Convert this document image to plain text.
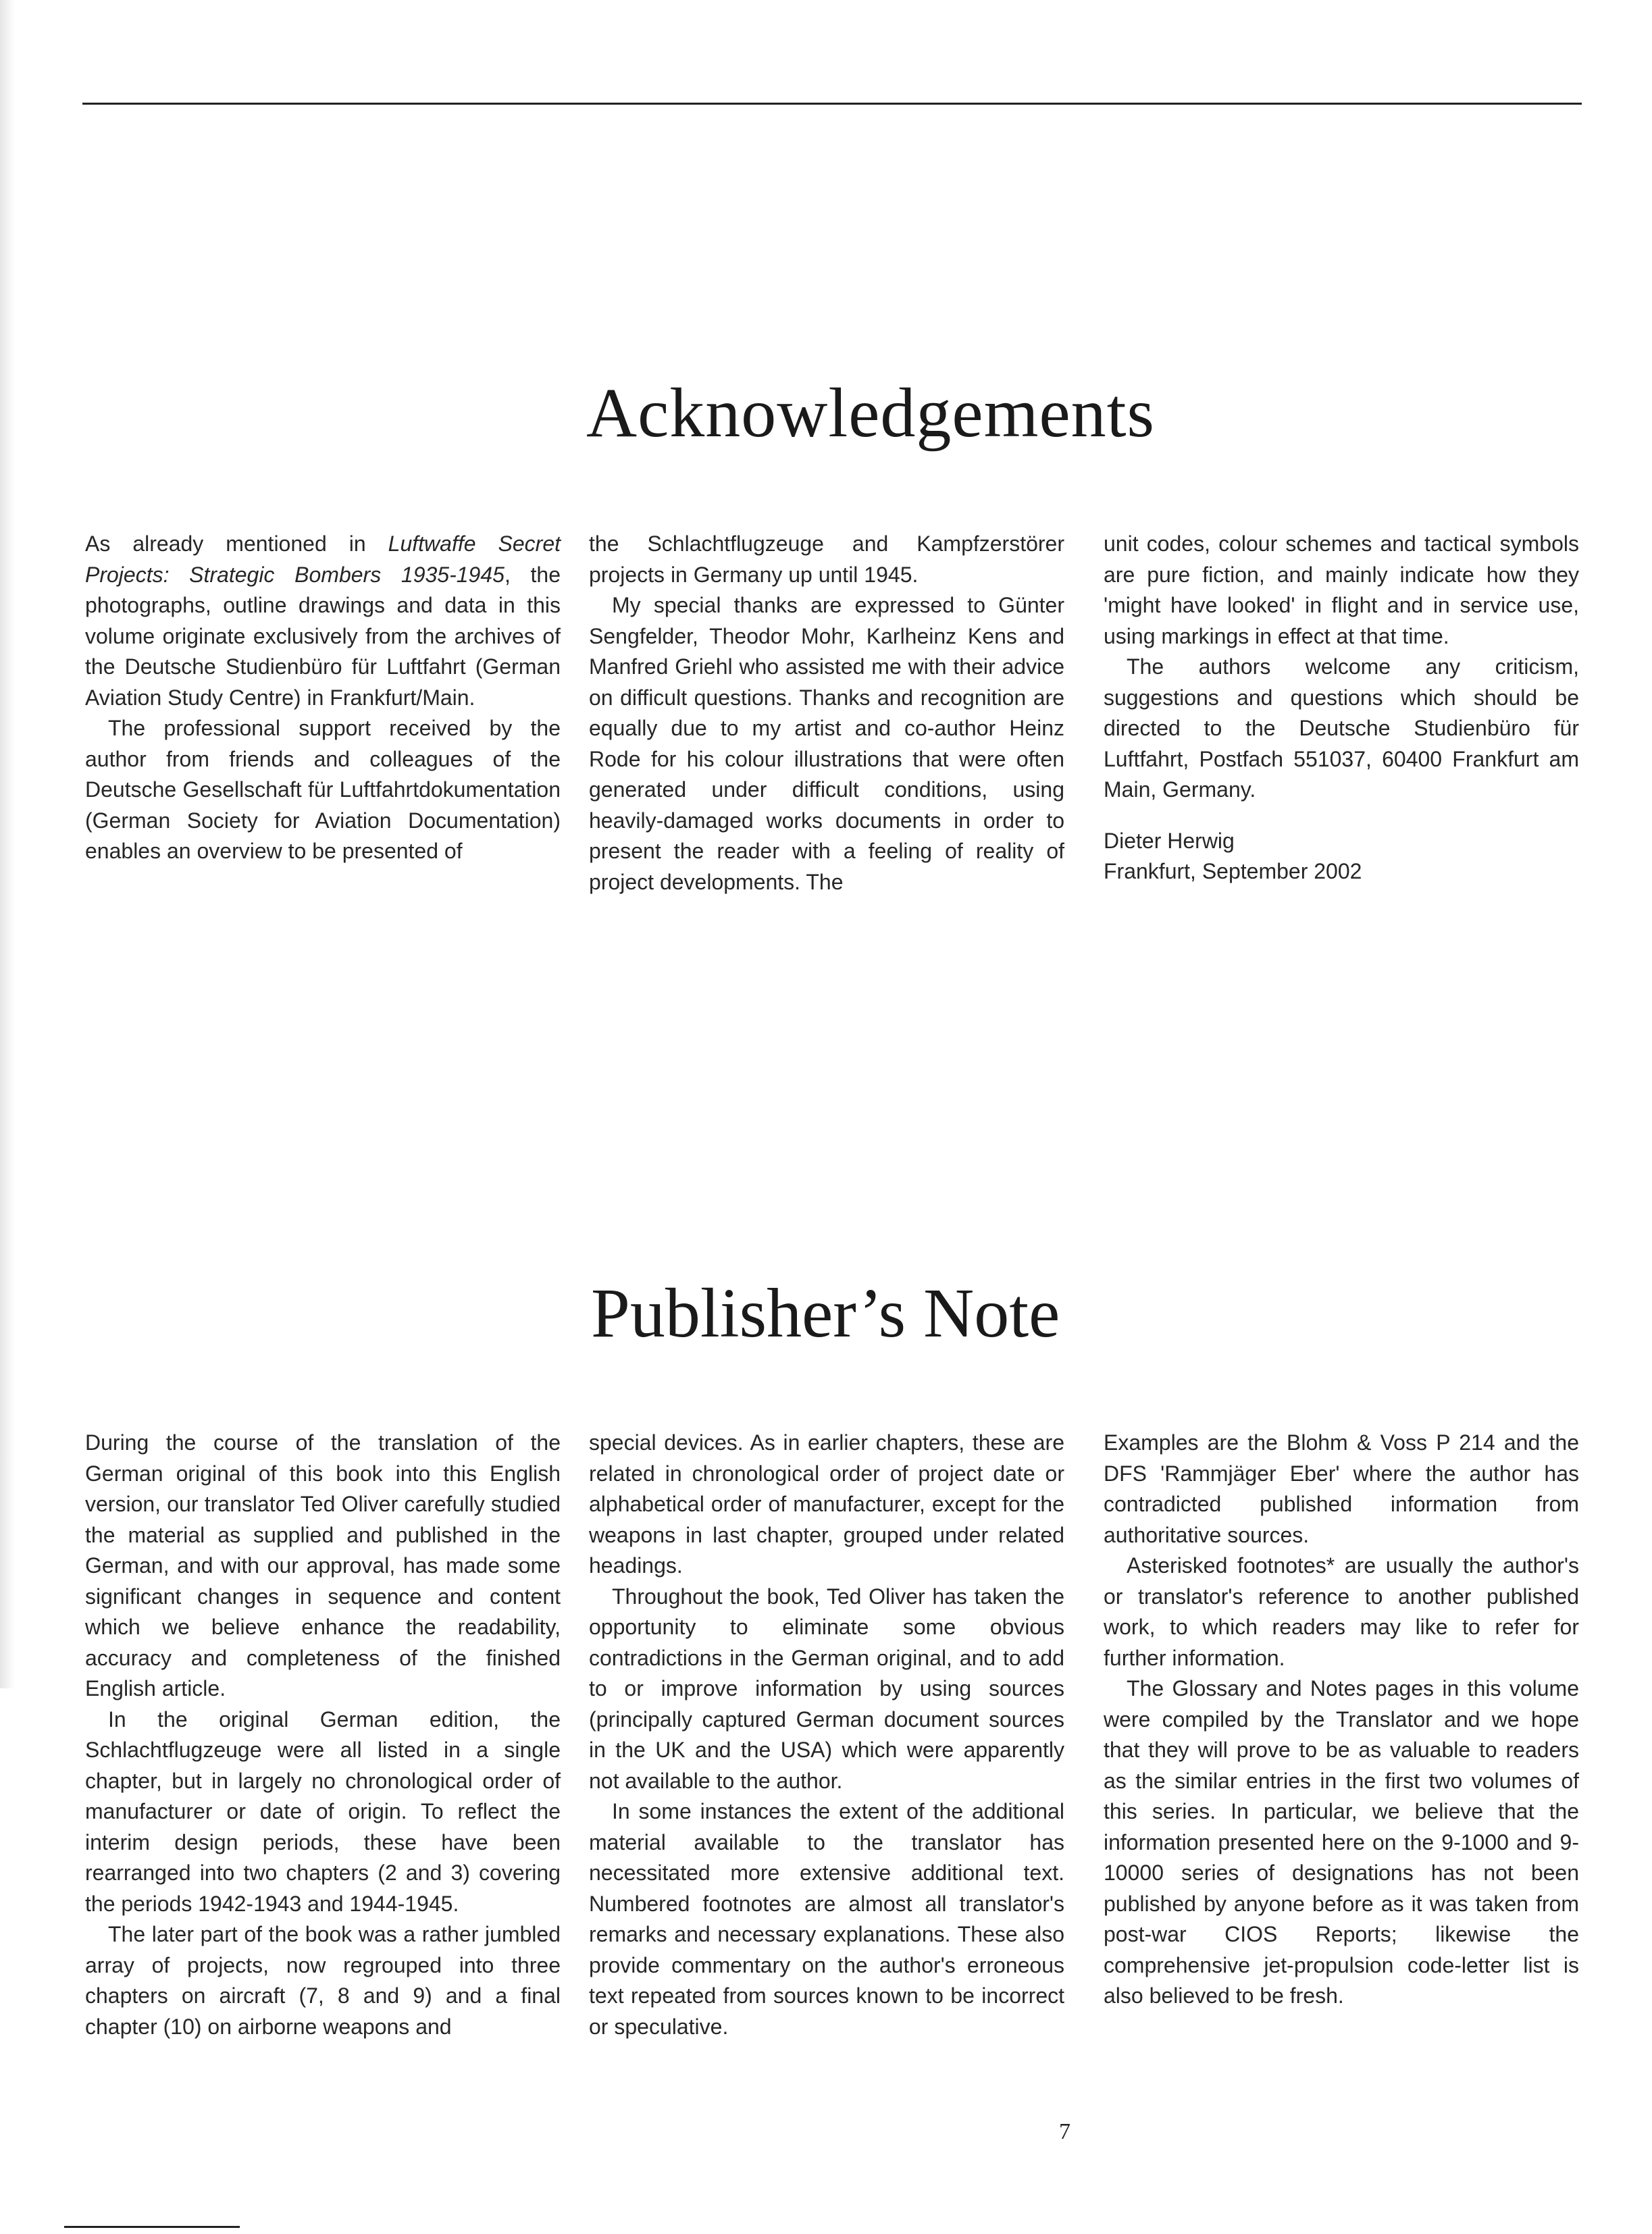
Acknowledgements

As already mentioned in Luftwaffe Secret Projects: Strategic Bombers 1935-1945, the photographs, outline drawings and data in this volume originate exclusively from the archives of the Deutsche Studienbüro für Luftfahrt (German Aviation Study Centre) in Frankfurt/Main.

The professional support received by the author from friends and colleagues of the Deutsche Gesellschaft für Luftfahrtdokumentation (German Society for Aviation Documentation) enables an overview to be presented of

the Schlachtflugzeuge and Kampfzerstörer projects in Germany up until 1945.

My special thanks are expressed to Günter Sengfelder, Theodor Mohr, Karlheinz Kens and Manfred Griehl who assisted me with their advice on difficult questions. Thanks and recognition are equally due to my artist and co-author Heinz Rode for his colour illustrations that were often generated under difficult conditions, using heavily-damaged works documents in order to present the reader with a feeling of reality of project developments. The

unit codes, colour schemes and tactical symbols are pure fiction, and mainly indicate how they 'might have looked' in flight and in service use, using markings in effect at that time.

The authors welcome any criticism, suggestions and questions which should be directed to the Deutsche Studienbüro für Luftfahrt, Postfach 551037, 60400 Frankfurt am Main, Germany.

Dieter Herwig

Frankfurt, September 2002

Publisher’s Note

During the course of the translation of the German original of this book into this English version, our translator Ted Oliver carefully studied the material as supplied and published in the German, and with our approval, has made some significant changes in sequence and content which we believe enhance the readability, accuracy and completeness of the finished English article.

In the original German edition, the Schlachtflugzeuge were all listed in a single chapter, but in largely no chronological order of manufacturer or date of origin. To reflect the interim design periods, these have been rearranged into two chapters (2 and 3) covering the periods 1942-1943 and 1944-1945.

The later part of the book was a rather jumbled array of projects, now regrouped into three chapters on aircraft (7, 8 and 9) and a final chapter (10) on airborne weapons and

special devices. As in earlier chapters, these are related in chronological order of project date or alphabetical order of manufacturer, except for the weapons in last chapter, grouped under related headings.

Throughout the book, Ted Oliver has taken the opportunity to eliminate some obvious contradictions in the German original, and to add to or improve information by using sources (principally captured German document sources in the UK and the USA) which were apparently not available to the author.

In some instances the extent of the additional material available to the translator has necessitated more extensive additional text. Numbered footnotes are almost all translator's remarks and necessary explanations. These also provide commentary on the author's erroneous text repeated from sources known to be incorrect or speculative.

Examples are the Blohm & Voss P 214 and the DFS 'Rammjäger Eber' where the author has contradicted published information from authoritative sources.

Asterisked footnotes* are usually the author's or translator's reference to another published work, to which readers may like to refer for further information.

The Glossary and Notes pages in this volume were compiled by the Translator and we hope that they will prove to be as valuable to readers as the similar entries in the first two volumes of this series. In particular, we believe that the information presented here on the 9-1000 and 9-10000 series of designations has not been published by anyone before as it was taken from post-war CIOS Reports; likewise the comprehensive jet-propulsion code-letter list is also believed to be fresh.

7
